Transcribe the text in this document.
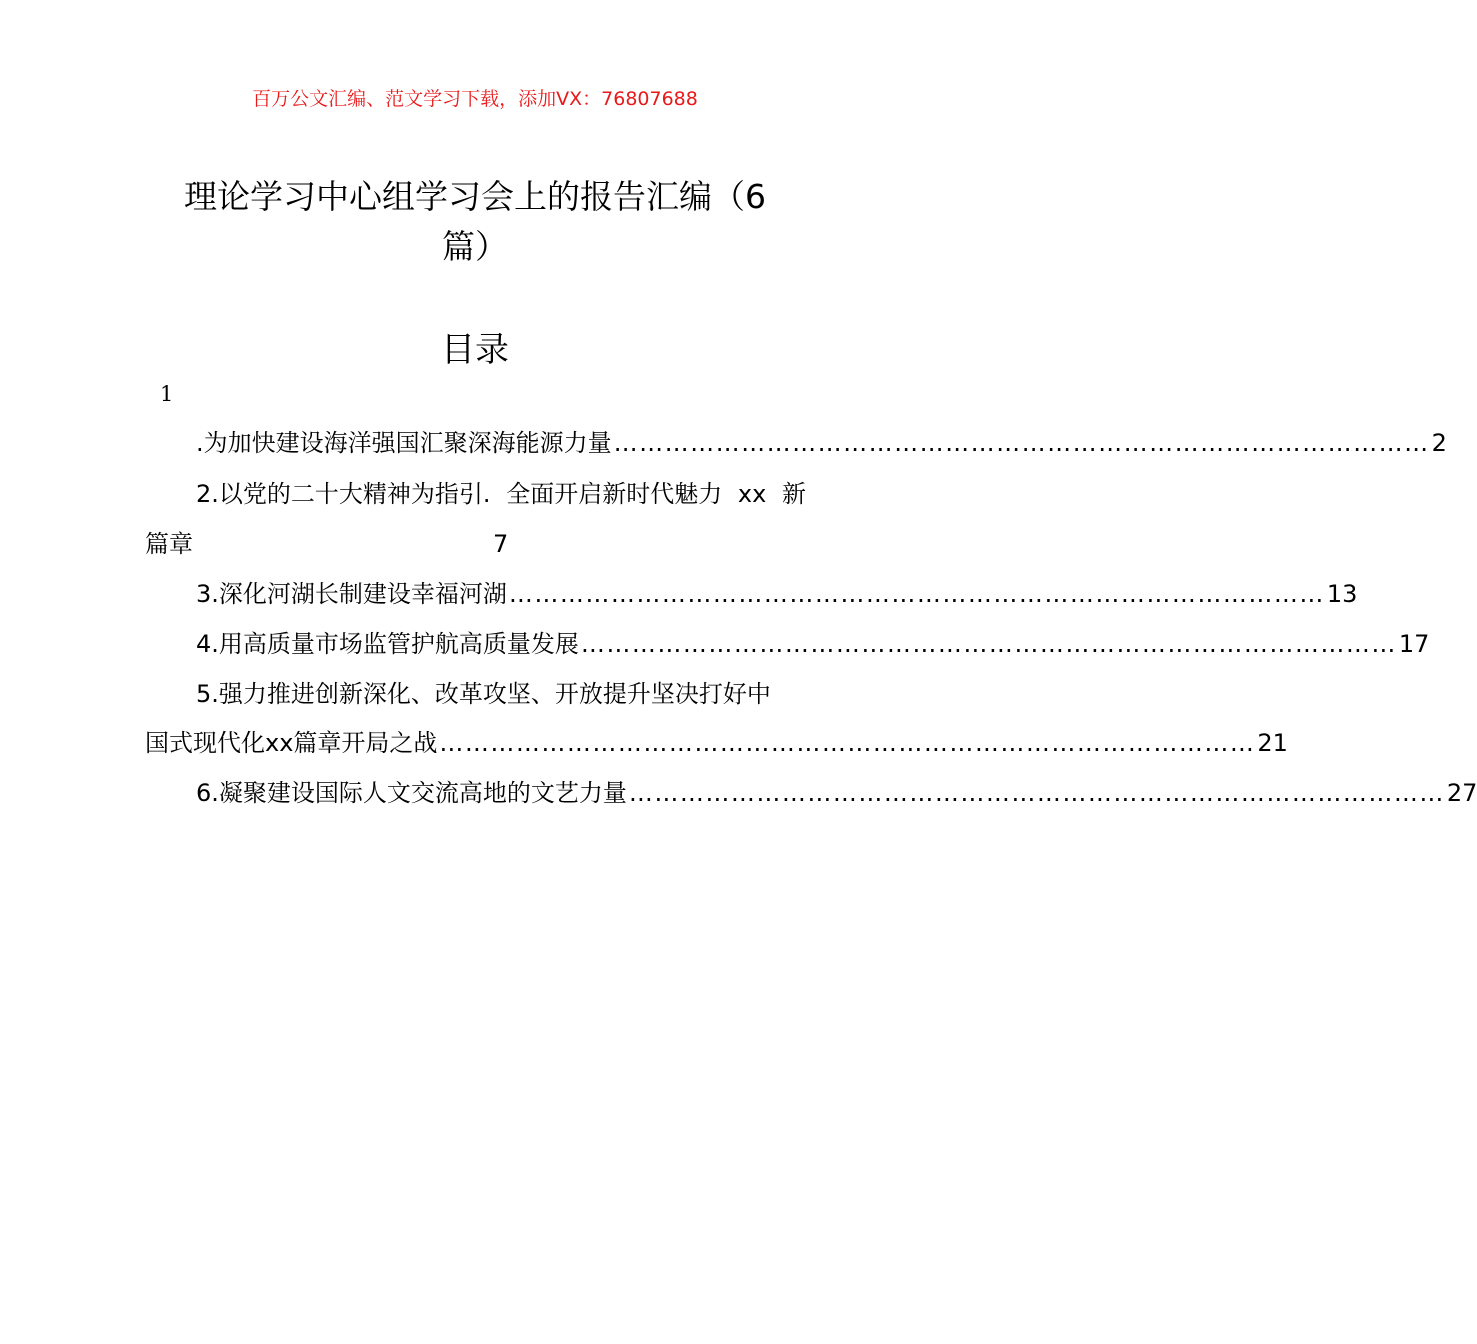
百万公文汇编、范文学习下载，添加VX：76807688
理论学习中心组学习会上的报告汇编（6
篇）
目录
1
.为加快建设海洋强国汇聚深海能源力量 …………………………………………………………………………………… 2
2.以党的二十大精神为指引. 全面开启新时代魅力 xx 新
篇章	7
3.深化河湖长制建设幸福河湖 …………………………………………………………………………………… 13
4.用高质量市场监管护航高质量发展 …………………………………………………………………………………… 17
5.强力推进创新深化、改革攻坚、开放提升坚决打好中
国式现代化xx篇章开局之战 …………………………………………………………………………………… 21
6.凝聚建设国际人文交流高地的文艺力量 …………………………………………………………………………………… 27
